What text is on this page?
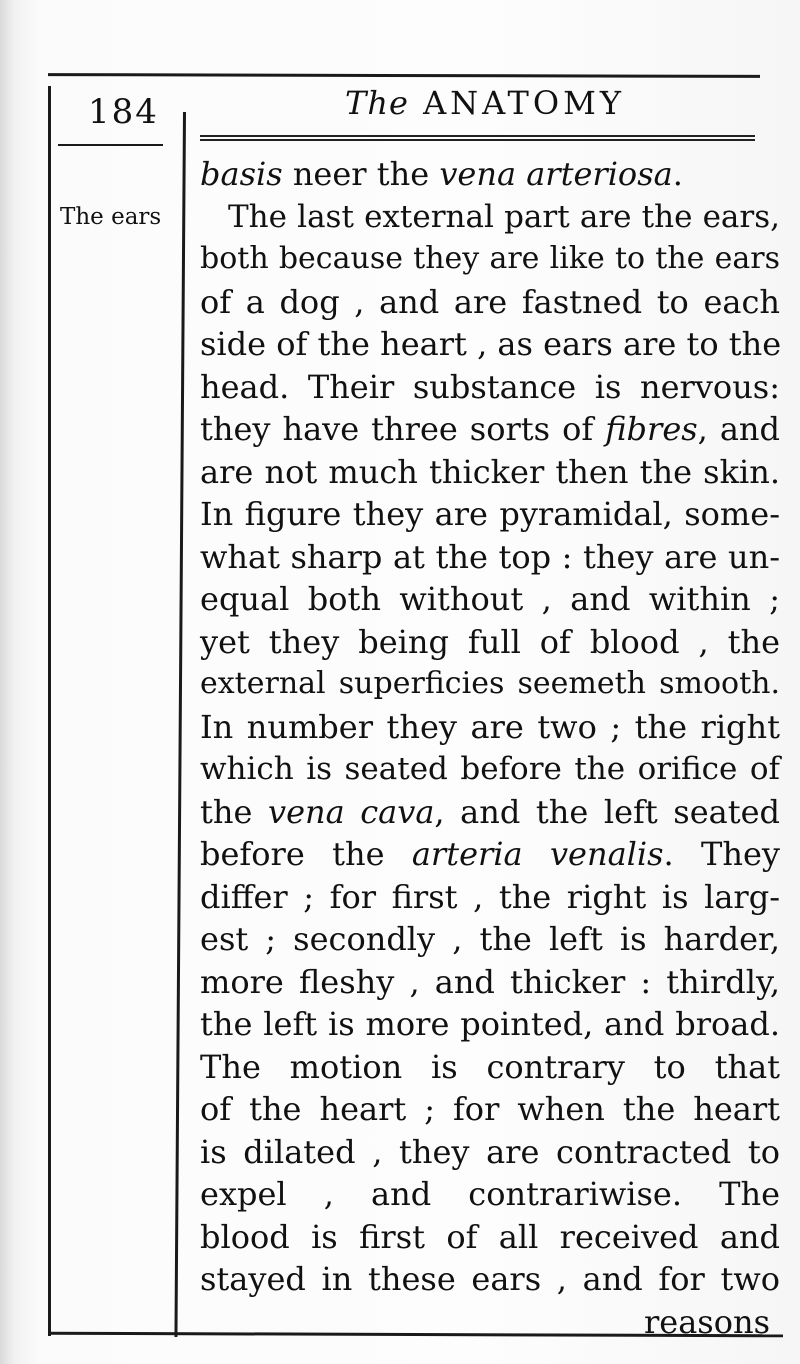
184	The ANATOMY
The ears
basis neer the vena arteriosa.
The last external part are the ears,
both because they are like to the ears
of a dog , and are fastned to each
side of the heart , as ears are to the
head. Their substance is nervous:
they have three sorts of fibres, and
are not much thicker then the skin.
In figure they are pyramidal, some-
what sharp at the top : they are un-
equal both without , and within ;
yet they being full of blood , the
external superficies seemeth smooth.
In number they are two ; the right
which is seated before the orifice of
the vena cava, and the left seated
before the arteria venalis. They
differ ; for first , the right is larg-
est ; secondly , the left is harder,
more fleshy , and thicker : thirdly,
the left is more pointed, and broad.
The motion is contrary to that
of the heart ; for when the heart
is dilated , they are contracted to
expel , and contrariwise. The
blood is first of all received and
stayed in these ears , and for two
reasons
